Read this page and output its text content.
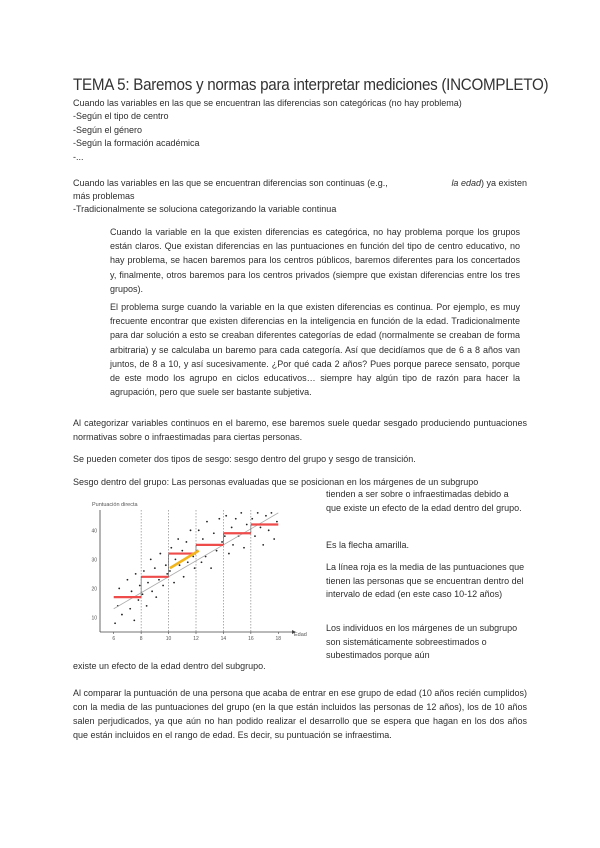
TEMA 5: Baremos y normas para interpretar mediciones (INCOMPLETO)
Cuando las variables en las que se encuentran las diferencias son categóricas (no hay problema)
-Según el tipo de centro
-Según el género
-Según la formación académica
-...
Cuando las variables en las que se encuentran diferencias son continuas (e.g.,	la edad) ya existen
más problemas
-Tradicionalmente se soluciona categorizando la variable continua

Cuando la variable en la que existen diferencias es categórica, no hay problema porque los grupos están claros. Que existan diferencias en las puntuaciones en función del tipo de centro educativo, no hay problema, se hacen baremos para los centros públicos, baremos diferentes para los concertados y, finalmente, otros baremos para los centros privados (siempre que existan diferencias entre los tres grupos).

El problema surge cuando la variable en la que existen diferencias es continua. Por ejemplo, es muy frecuente encontrar que existen diferencias en la inteligencia en función de la edad. Tradicionalmente para dar solución a esto se creaban diferentes categorías de edad (normalmente se creaban de forma arbitraria) y se calculaba un baremo para cada categoría. Así que decidíamos que de 6 a 8 años van juntos, de 8 a 10, y así sucesivamente. ¿Por qué cada 2 años? Pues porque parece sensato, porque de este modo los agrupo en ciclos educativos… siempre hay algún tipo de razón para hacer la agrupación, pero que suele ser bastante subjetiva.

Al categorizar variables continuos en el baremo, ese baremos suele quedar sesgado produciendo puntuaciones normativas sobre o infraestimadas para ciertas personas.
Se pueden cometer dos tipos de sesgo: sesgo dentro del grupo y sesgo de transición.
Sesgo dentro del grupo: Las personas evaluadas que se posicionan en los márgenes de un subgrupo
tienden a ser sobre o infraestimadas debido a que existe un efecto de la edad dentro del grupo.
Es la flecha amarilla.
La línea roja es la media de las puntuaciones que tienen las personas que se encuentran dentro del intervalo de edad (en este caso 10-12 años)
Los individuos en los márgenes de un subgrupo son sistemáticamente sobreestimados o subestimados porque aún
existe un efecto de la edad dentro del subgrupo.
Al comparar la puntuación de una persona que acaba de entrar en ese grupo de edad (10 años recién cumplidos) con la media de las puntuaciones del grupo (en la que están incluidos las personas de 12 años), los de 10 años salen perjudicados, ya que aún no han podido realizar el desarrollo que se espera que hagan en los dos años que están incluidos en el rango de edad. Es decir, su puntuación se infraestima.
Puntuación directa
Edad
6	8	10	12	14	16	18
10
20
30
40
